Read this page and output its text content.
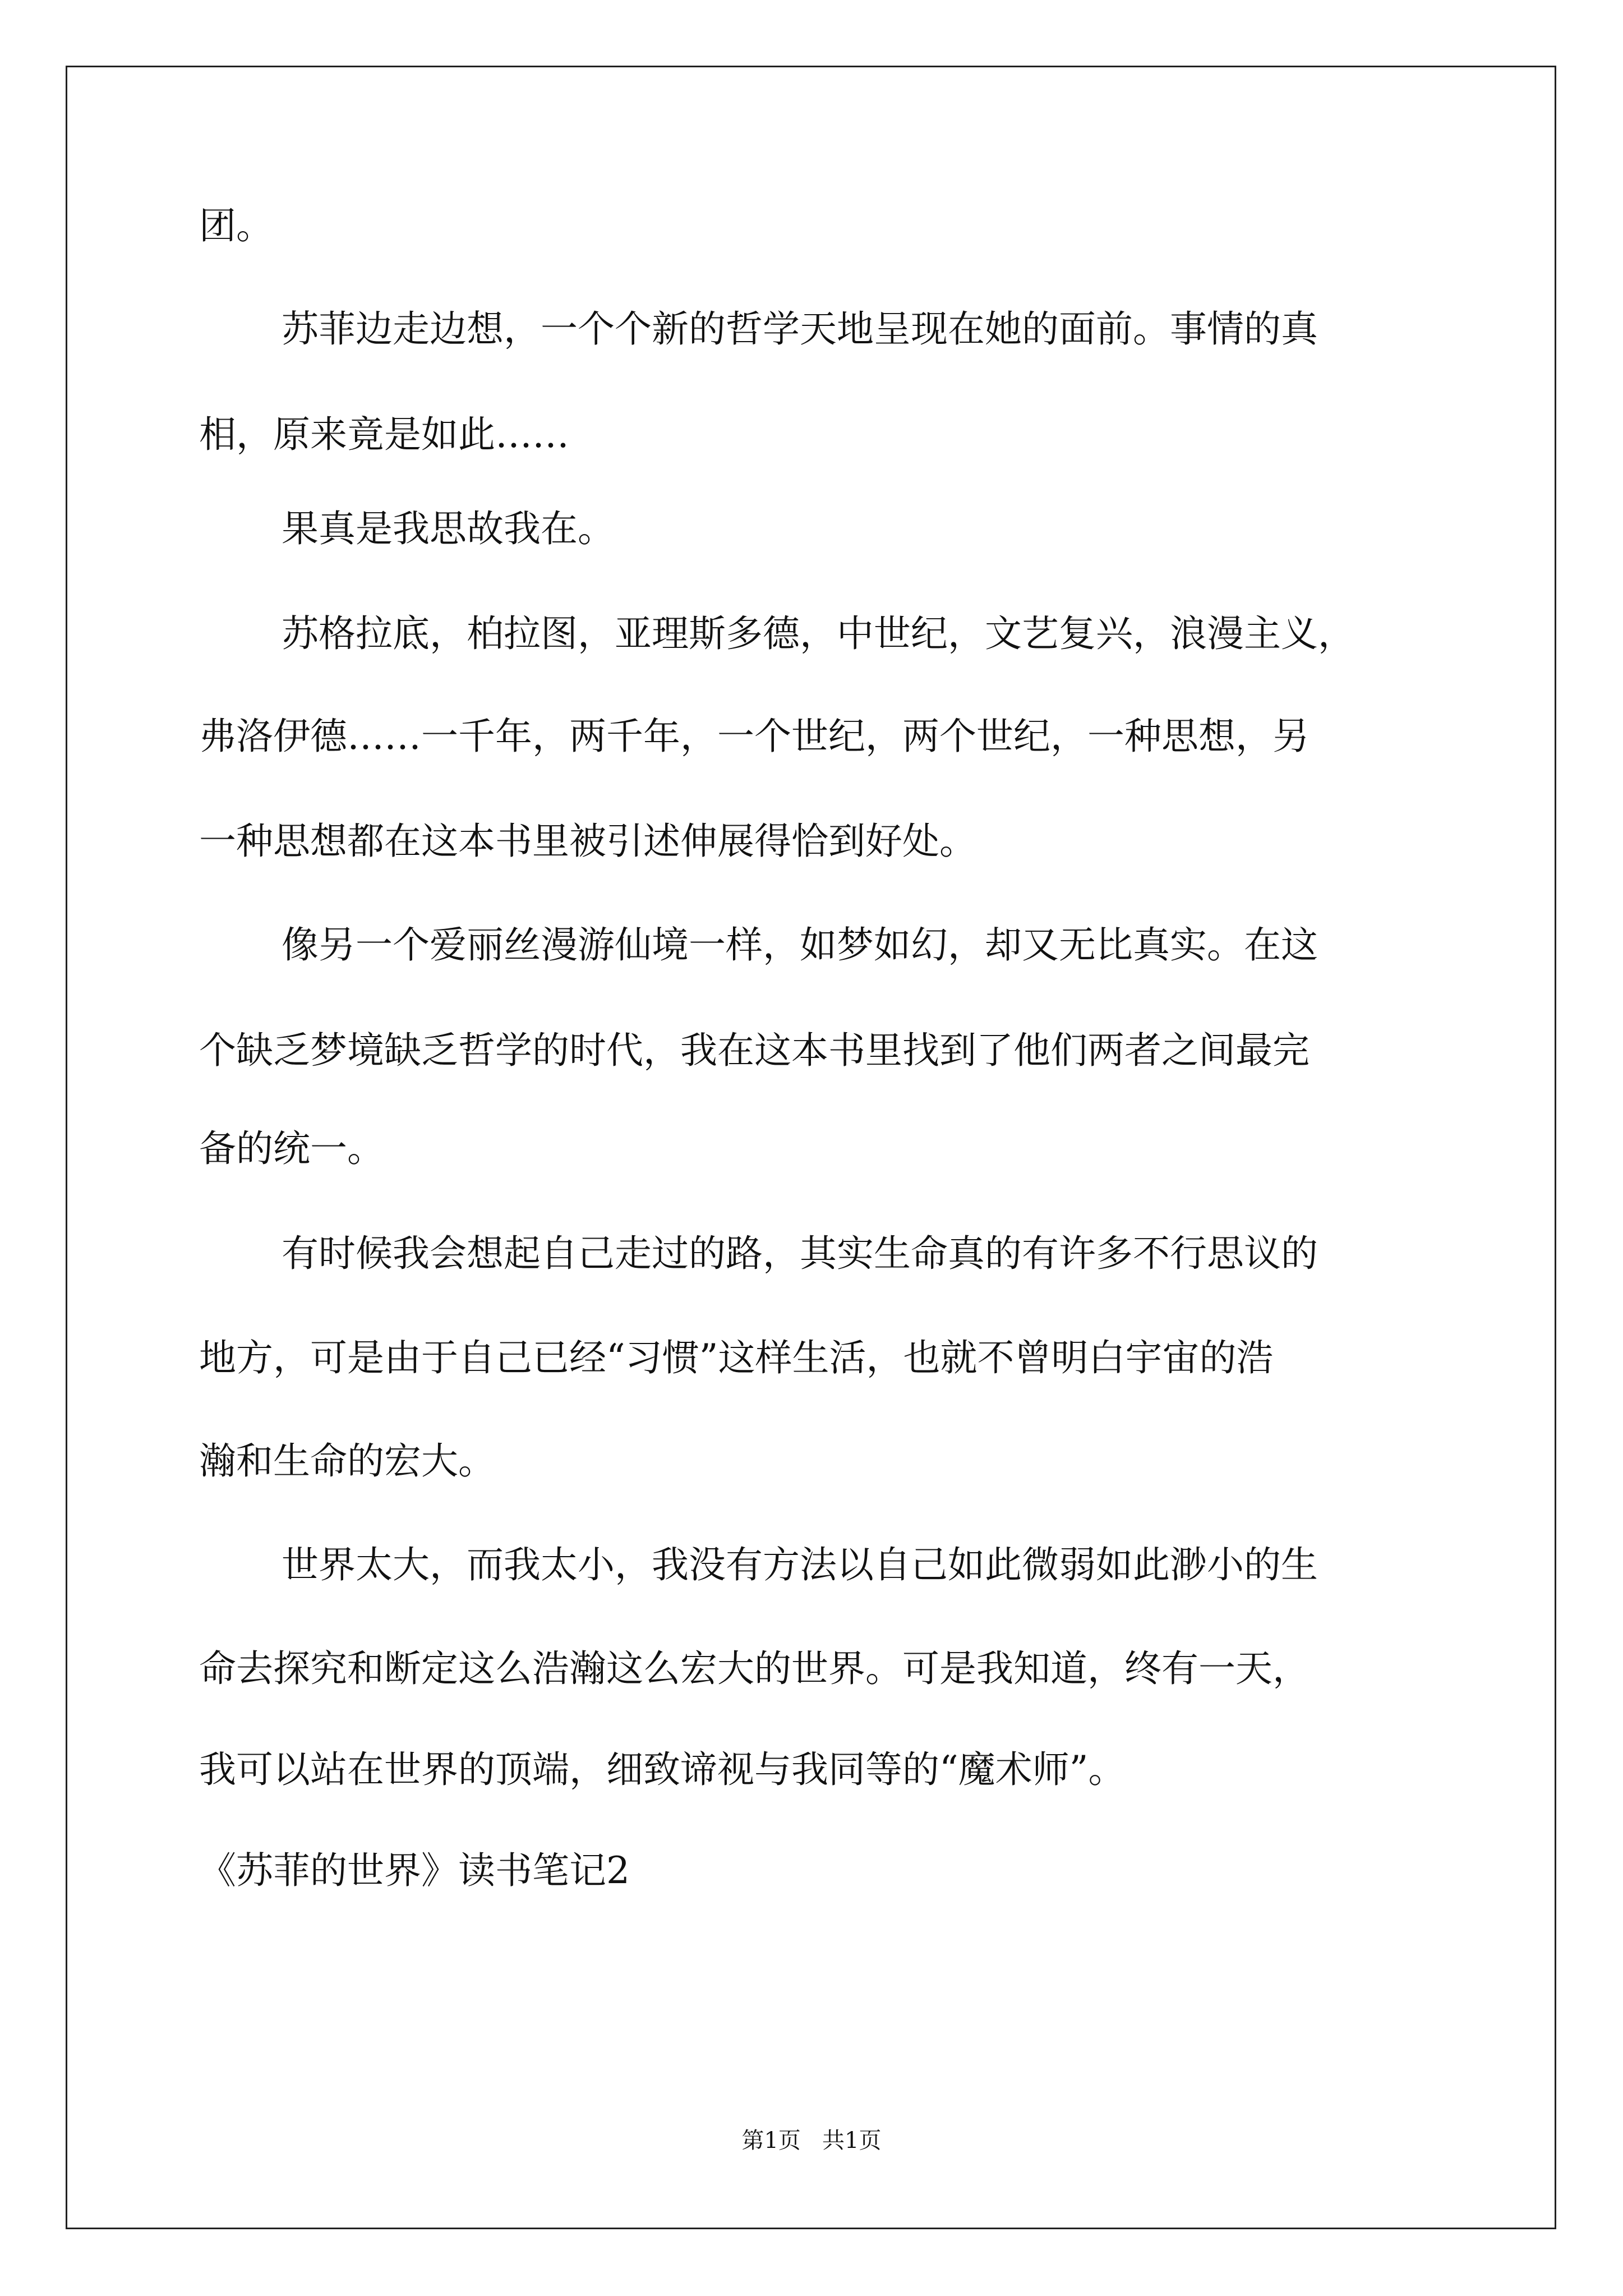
团。
苏菲边走边想，一个个新的哲学天地呈现在她的面前。事情的真
相，原来竟是如此……
果真是我思故我在。
苏格拉底，柏拉图，亚理斯多德，中世纪，文艺复兴，浪漫主义，
弗洛伊德……一千年，两千年，一个世纪，两个世纪，一种思想，另
一种思想都在这本书里被引述伸展得恰到好处。
像另一个爱丽丝漫游仙境一样，如梦如幻，却又无比真实。在这
个缺乏梦境缺乏哲学的时代，我在这本书里找到了他们两者之间最完
备的统一。
有时候我会想起自己走过的路，其实生命真的有许多不行思议的
地方，可是由于自己已经“习惯”这样生活，也就不曾明白宇宙的浩
瀚和生命的宏大。
世界太大，而我太小，我没有方法以自己如此微弱如此渺小的生
命去探究和断定这么浩瀚这么宏大的世界。可是我知道，终有一天，
我可以站在世界的顶端，细致谛视与我同等的“魔术师”。
《苏菲的世界》读书笔记2
第1页   共1页
